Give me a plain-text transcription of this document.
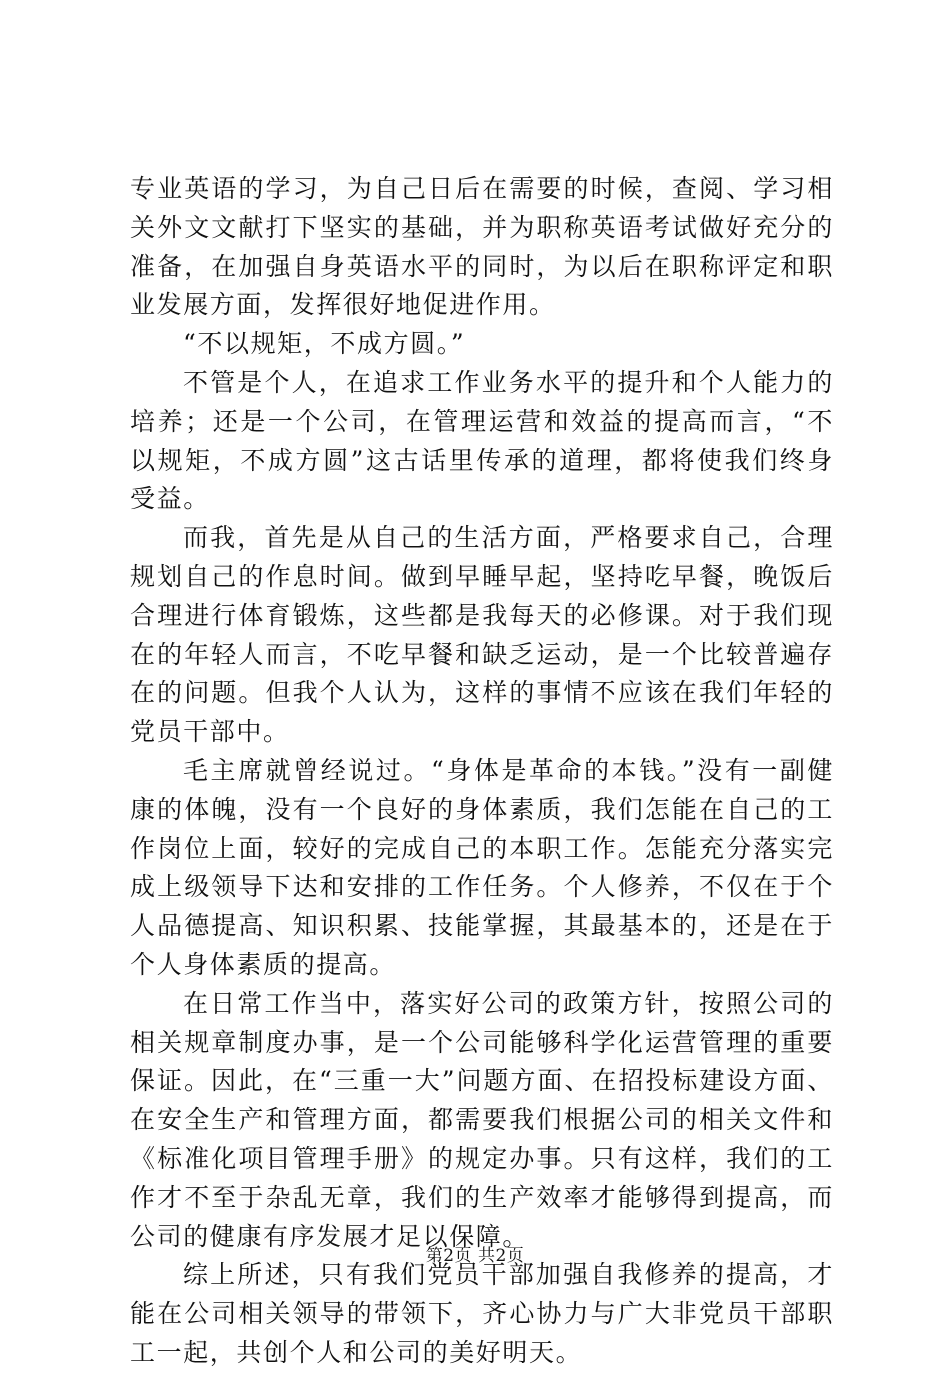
专业英语的学习，为自己日后在需要的时候，查阅、学习相关外文文献打下坚实的基础，并为职称英语考试做好充分的准备，在加强自身英语水平的同时，为以后在职称评定和职业发展方面，发挥很好地促进作用。

“不以规矩，不成方圆。”

不管是个人，在追求工作业务水平的提升和个人能力的培养；还是一个公司，在管理运营和效益的提高而言，“不以规矩，不成方圆”这古话里传承的道理，都将使我们终身受益。

而我，首先是从自己的生活方面，严格要求自己，合理规划自己的作息时间。做到早睡早起，坚持吃早餐，晚饭后合理进行体育锻炼，这些都是我每天的必修课。对于我们现在的年轻人而言，不吃早餐和缺乏运动，是一个比较普遍存在的问题。但我个人认为，这样的事情不应该在我们年轻的党员干部中。

毛主席就曾经说过。“身体是革命的本钱。”没有一副健康的体魄，没有一个良好的身体素质，我们怎能在自己的工作岗位上面，较好的完成自己的本职工作。怎能充分落实完成上级领导下达和安排的工作任务。个人修养，不仅在于个人品德提高、知识积累、技能掌握，其最基本的，还是在于个人身体素质的提高。

在日常工作当中，落实好公司的政策方针，按照公司的相关规章制度办事，是一个公司能够科学化运营管理的重要保证。因此，在“三重一大”问题方面、在招投标建设方面、在安全生产和管理方面，都需要我们根据公司的相关文件和《标准化项目管理手册》的规定办事。只有这样，我们的工作才不至于杂乱无章，我们的生产效率才能够得到提高，而公司的健康有序发展才足以保障。

综上所述，只有我们党员干部加强自我修养的提高，才能在公司相关领导的带领下，齐心协力与广大非党员干部职工一起，共创个人和公司的美好明天。

第2页 共2页
